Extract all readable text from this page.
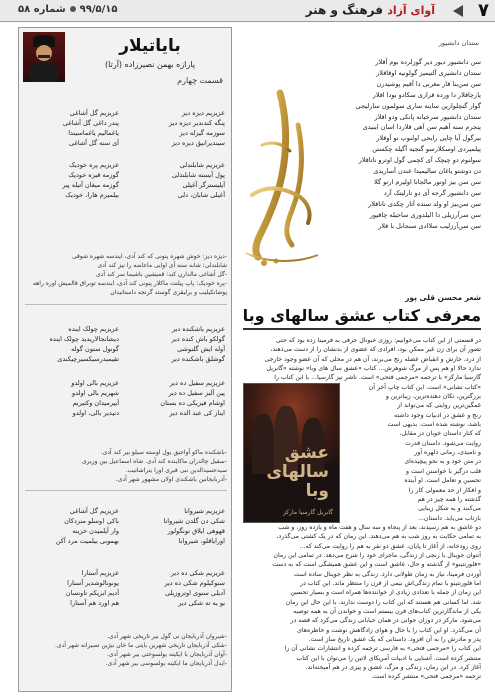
۹۹/۵/۱۵شماره ۵۸	آوای آزاد فرهنگ و هنر	۷
بایاتیلار
پارازه بهمن نصیرزاده (آرتا)
قسمت چهارم
عزیزیم دیزه دیز
پنگه کندندیر دیزه دیز
سوزمه گیزله دیز
سیندیرانیق دیزه دیز
عزیزیم گل آشاغی
پندر داغی گل آشاغی
یاغمالیم یاغماسیندا
آی سنه گل آشاغی
عزیزیم شابلندلی
پول آیسته شابلندلی
آیلیسترگر آغیلی
آغیلی شابان، دلی
عزیزیم پره خودیک
گوزمه قیزه خودیک
گوزمه میغان آتیله پیر
بیلمیرم هارا، خودیک
-دیزه دیز: خوش شهره پنونی که کند آدی، ایندسه شهره شوقی
شابلندلی: شابه سنه آی اوایی ماعاضه را نیز کند آدی
-گل آشاغی مالدارن کند: قمیشین باشیما سر کند آدی
-پره خودیک: پاپ پیلنت ماکلار پنونی کند آدی، ایندسه توبراق قالمیش اوره راهه
پوشانکیلیب و برلیقری گوستد گرنجه داستانیدان
عزیزیم باشکنده دیر
گولکو باش کنده دیر
آوله ایش گلنوشی
گوشلق باشکنده دیر
عزیزیم چولک اینده
دیشانجالاریدید چولک اینده
گونول ستون گوله
تقیمیدرسیکسیرچیکندی
عزیزیم سفیل ده دیر
پین آلبز سفیل ده دیر
اوشام فیزیکی ده بستان
ایناز کی عبد الده دیر
عزیزیم بالی اولدو
شهریم بالی اولدو
آییرمیدان وکتیریم
دنیدیر بالی، اولدو
-باشکنده ماکو آواجیق یول اوسته سیلو بیر کند آدی.
-سفیل چالدران ماکاینده کند آدی. شاه اسماعیل بین وزیری
سیدحسیدالدین نبی قبری اورا یتراشاتیب.
-آذربایجانین باشکندی اولان مشهور شهر آدی.
عزیزیم شیروانا
شکی دن گلدن شیروانا
قهوهی ایلاق تونگولور
اورایاقلو، شیروانا
عزیزیم گل آشاغی
باکی (وسلو منردکان
وار آیلمیدن خزینه
بهموبی بیلمیت مرد آکن
عزیزیم شکی ده دیر
سنوکیلوم شکی ده دیر
آدیلی سنوی اوتروزیلی
یو یه ته شکی دیر
عزیزیم آستارا
یونونالوشدیر آستارا
آدیم ابریکم تاونسان
هم اورد هم آستارا
-شیروان آذربایجان نی گول بیر تاریخی شهر آدی.
-شکی آذربایجان تاریخی شهرین بایتی ما خان نیژین تصیرانه شهر آدی.
-آوان آذربایجان با ایکینه یولسوختی بیر شهر آدی.
-ایدل آذربایجان ما ایکینه یولسوسی بیر شهر آدی.
ستدان دانشیور
سن دانشیور دیور دیر گوزلرده بوم آقلار
ستدان دانشیری آلتیمیز گولونیه اوقاقلار
سن سن‌بنا قار مغربی دا آقیم پوشیدرن
پارچاقلار دا ورده قراری سکادو بودا اقلار
گوار گنچلوارین ساینه ساری سولمون سارلیجی
ستدان دانشیور سرخبانه پانکی ودو اقلار
پنجرم سنه آهیم سن آهی قلاردا اسان اینیدی
بیرگول آیا چاپی رایحی اولنوپ نو آوقلار
پیلمیردی اوسکلارسو گنجیه آگیله چکستن
سولنوم‌ دو چیچک آی کچمی گول اوترو ناتاقلار
دن دوشتو یاغان سالیمیدا عندن آساریدی
سن سن‌ بیز اوتور مالجانا اولیرم ارتو گلا
سن دانشیور گرجه آی دو نارلیتک آرد
سن سن‌بیز او ولد سنده آتار چکدی ناناقلار
سن سرآرزیلی دا الیلدوری ساحیله چاقیور
سن سن‌آرزلیب سلاادی سنجانل با قلار
شعر محسن قلی پور
معرفی کتاب عشق سالهای وبا
عشق سالهای وبا
گابریل گارسیا مارکز
در قسمتی از این کتاب می‌خوانیم: روزی خبونال حرفی به فرمینا زده بود که حتی
تصور آن برای زن غیر ممکن بود، افرادی که عضوی از بدنشان را از دست می‌دهند،
از درد، خارش و انقباض عضله رنج می‌برند، آن هم در محلی که آن عضو وجود خارجی
ندارد حالا او هم پس از مرگ شوهرش... کتاب «عشق سال های وبا» نوشته «گابریل
گارسیا مارکز» با ترجمه «مرجمی فتحی» است. ناشر نیز گارسیا... با این کتاب را
«کتاب نشانی» است. این کتاب چاپ آخر آن
بزرگترین، تکان دهنده‌ترین، زیباترین و
غمگین‌ترین روایتی که می‌تواند از
رنج و عشق در ادبیات وجود داشته
باشد، نوشته شده است. بدیهی است
که کنار داستان خوبان در مقابل،
روایت می‌شود. داستان قدرت
و نامیدی، رمانی دلهره آور
در متن خود و به نحو پیچیده‌ای
قلب درگیر با خواستن است و
تحسین و تعامل است. او آینده
و افکار از حد معمولی کار را
گذشته را همه چیز در هم
می‌کنند و به شکل زیبایی
بازتاب می‌یابد. داستان...
دو عاشق به هم رسیدند، بعد از پنجاه و سه سال و هفت ماه و یازده روز، و شب
به تمامی حکایت به‌ روز شب به هم می‌دهند. این رمان که در یک کشتی می‌گذرد،
روی رودخانه، از آغاز تا پایان، عشق دو نفر به هم را روایت می‌کند که...
آنتوان جوینال با رنجی از زندگی، ماجرای خود را شرح می‌دهد. در تمامی این رمان
«فلورنتینو» از گذشته و حال، عاشق است و این عشق همیشگی است که به دست‌
آوردن فرمینا، نیاز به زمان طولانی دارد. زندگی به نظر جوینال ساده است
اما فلورنتینو با تمام زندگی‌اش نیمی از قرن را منتظر ماند. این کتاب در
این زمان از جمله با تعدادی زیادی از خواننده‌ها همراه است و بسیار تحسین
شد. اما کسانی هم هستند که این کتاب را دوست ندارند. با این حال این رمان
یکی از ماندگارترین کتاب‌های قرن بیستم است و خواندن آن به همه توصیه
می‌شود. مارکز در دوران جوانی در همان خیابانی زندگی می‌کرد که قصه در
آن می‌گذرد. او این کتاب را با حال و هوای زادگاهش نوشت و خاطره‌های
پدر و مادرش را به آن افزود. داستانی که یک عشق تاریخ ساز است.
این کتاب را «مرجمی فتحی» به فارسی ترجمه کرده و انتشارات نشانی آن را
منتشر کرده است. آشنایی با ادبیات آمریکای لاتین را می‌توان با این کتاب
آغاز کرد. در این رمان، زندگی و مرگ، عشق و پیری در هم آمیخته‌اند.
ترجمه «مرجمی فتحی» منتشر کرده است.
